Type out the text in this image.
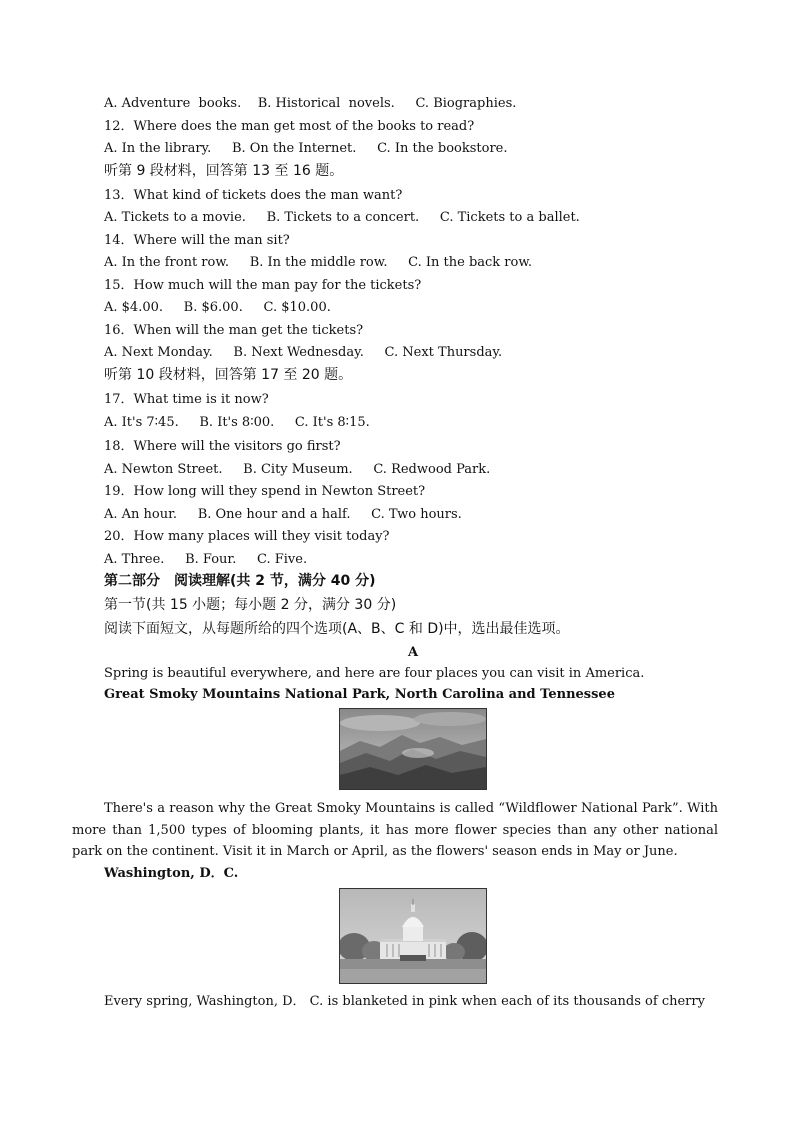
A. Adventure  books.    B. Historical  novels.     C. Biographies.
12．Where does the man get most of the books to read?
A. In the library.     B. On the Internet.     C. In the bookstore.
听第 9 段材料，回答第 13 至 16 题。
13．What kind of tickets does the man want?
A. Tickets to a movie.     B. Tickets to a concert.     C. Tickets to a ballet.
14．Where will the man sit?
A. In the front row.     B. In the middle row.     C. In the back row.
15．How much will the man pay for the tickets?
A. $4.00.     B. $6.00.     C. $10.00.
16．When will the man get the tickets?
A. Next Monday.     B. Next Wednesday.     C. Next Thursday.
听第 10 段材料，回答第 17 至 20 题。
17．What time is it now?
A. It's 7∶45.     B. It's 8∶00.     C. It's 8∶15.
18．Where will the visitors go first?
A. Newton Street.     B. City Museum.     C. Redwood Park.
19．How long will they spend in Newton Street?
A. An hour.     B. One hour and a half.     C. Two hours.
20．How many places will they visit today?
A. Three.     B. Four.     C. Five.
第二部分　阅读理解(共 2 节，满分 40 分)
第一节(共 15 小题；每小题 2 分，满分 30 分)
阅读下面短文，从每题所给的四个选项(A、B、C 和 D)中，选出最佳选项。
A
Spring is beautiful everywhere, and here are four places you can visit in America.
Great Smoky Mountains National Park, North Carolina and Tennessee
There's a reason why the Great Smoky Mountains is called “Wildflower National Park”. With more than 1,500 types of blooming plants, it has more flower species than any other national park on the continent. Visit it in March or April, as the flowers' season ends in May or June.
Washington, D．C.
Every spring, Washington, D． C. is blanketed in pink when each of its thousands of cherry
